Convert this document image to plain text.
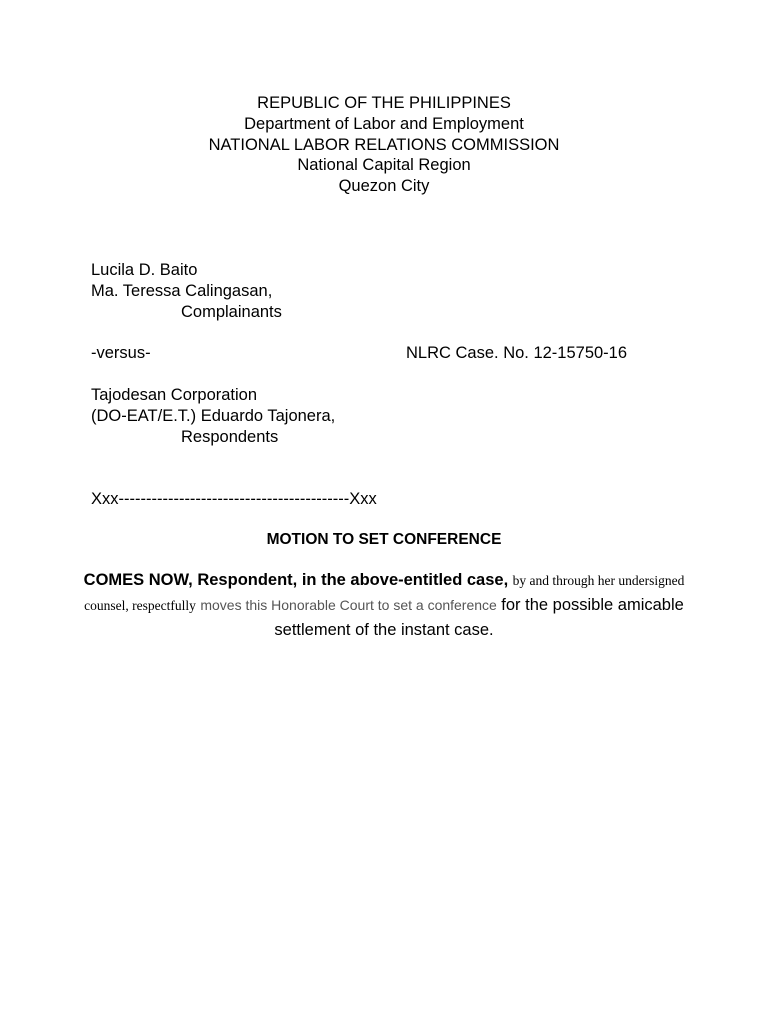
REPUBLIC OF THE PHILIPPINES
Department of Labor and Employment
NATIONAL LABOR RELATIONS COMMISSION
National Capital Region
Quezon City
Lucila D. Baito
Ma. Teressa Calingasan,
Complainants
-versus-	NLRC Case. No. 12-15750-16
Tajodesan Corporation
(DO-EAT/E.T.) Eduardo Tajonera,
Respondents
Xxx------------------------------------------Xxx
MOTION TO SET CONFERENCE
COMES NOW, Respondent, in the above-entitled case, by and through her undersigned counsel, respectfully moves this Honorable Court to set a conference for the possible amicable settlement of the instant case.
